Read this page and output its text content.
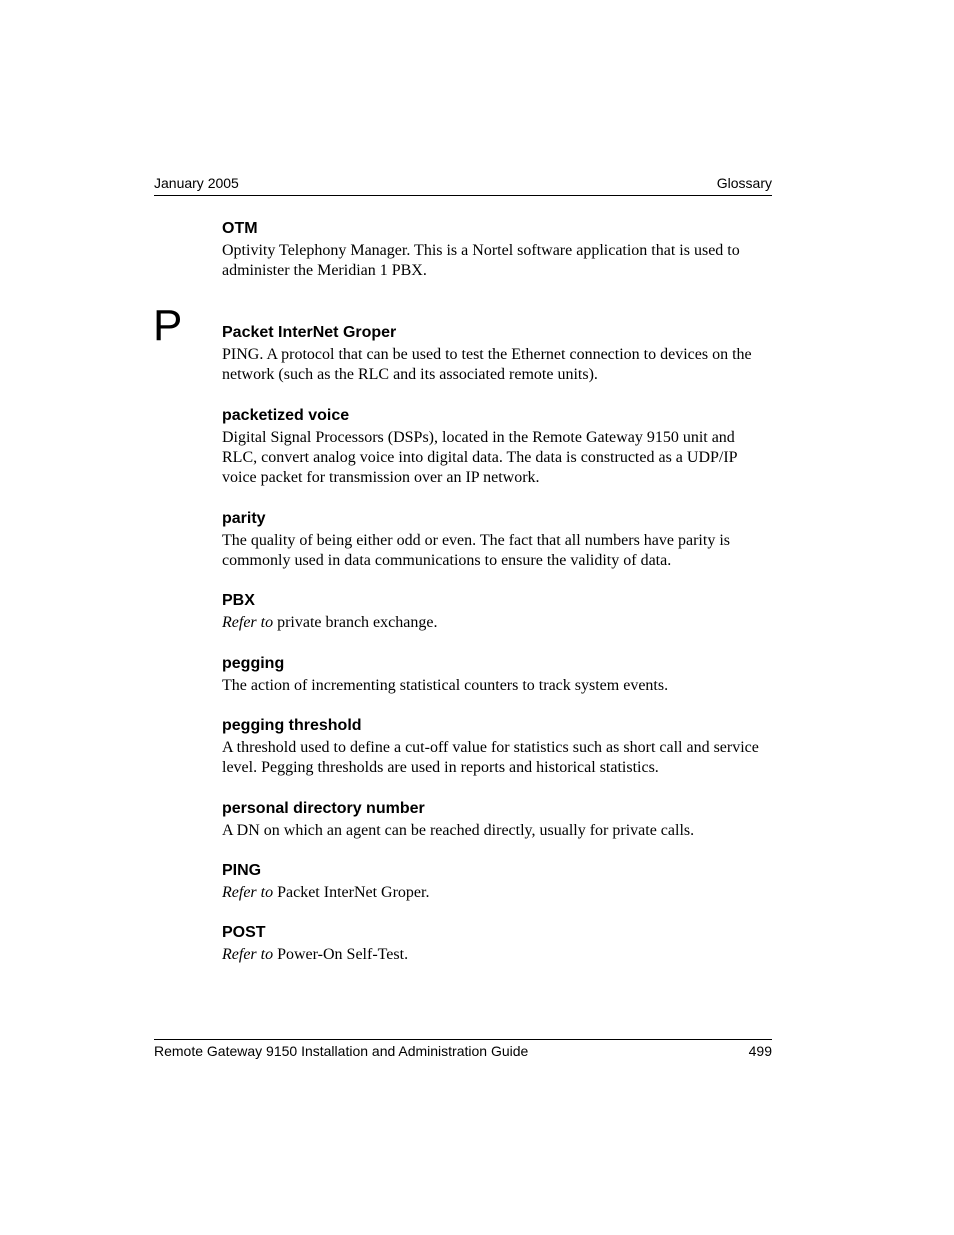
January 2005	Glossary

OTM

Optivity Telephony Manager. This is a Nortel software application that is used to administer the Meridian 1 PBX.

P Packet InterNet Groper

PING. A protocol that can be used to test the Ethernet connection to devices on the network (such as the RLC and its associated remote units).

packetized voice

Digital Signal Processors (DSPs), located in the Remote Gateway 9150 unit and RLC, convert analog voice into digital data. The data is constructed as a UDP/IP voice packet for transmission over an IP network.

parity

The quality of being either odd or even. The fact that all numbers have parity is commonly used in data communications to ensure the validity of data.

PBX

Refer to private branch exchange.

pegging

The action of incrementing statistical counters to track system events.

pegging threshold

A threshold used to define a cut-off value for statistics such as short call and service level. Pegging thresholds are used in reports and historical statistics.

personal directory number

A DN on which an agent can be reached directly, usually for private calls.

PING

Refer to Packet InterNet Groper.

POST

Refer to Power-On Self-Test.

Remote Gateway 9150 Installation and Administration Guide	499
